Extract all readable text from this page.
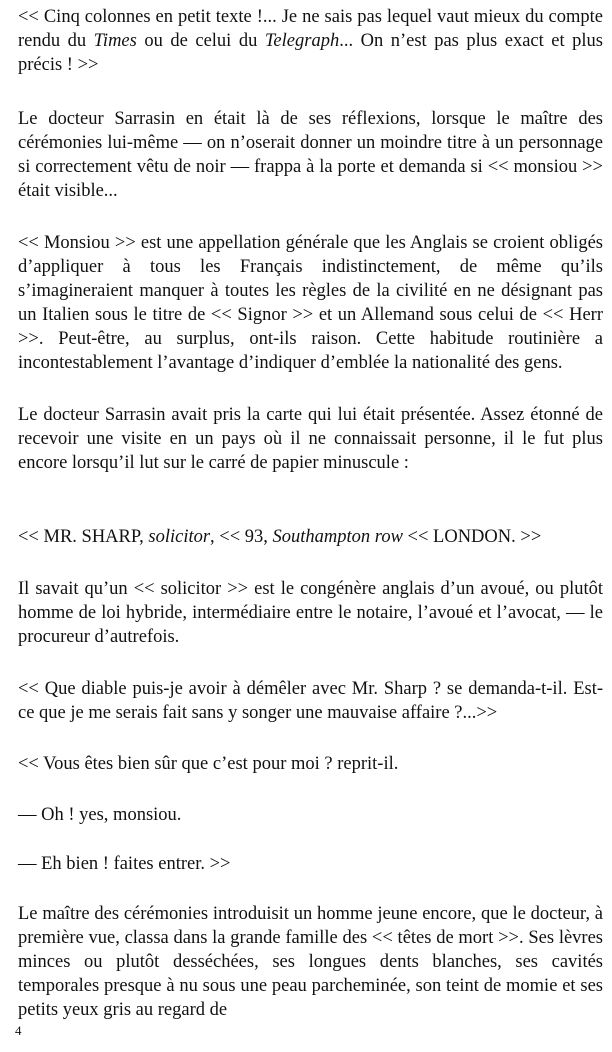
<< Cinq colonnes en petit texte !... Je ne sais pas lequel vaut mieux du compte rendu du Times ou de celui du Telegraph... On n’est pas plus exact et plus précis ! >>

Le docteur Sarrasin en était là de ses réflexions, lorsque le maître des cérémonies lui-même — on n’oserait donner un moindre titre à un personnage si correctement vêtu de noir — frappa à la porte et demanda si << monsiou >> était visible...

<< Monsiou >> est une appellation générale que les Anglais se croient obligés d’appliquer à tous les Français indistinctement, de même qu’ils s’imagineraient manquer à toutes les règles de la civilité en ne désignant pas un Italien sous le titre de << Signor >> et un Allemand sous celui de << Herr >>. Peut-être, au surplus, ont-ils raison. Cette habitude routinière a incontestablement l’avantage d’indiquer d’emblée la nationalité des gens.

Le docteur Sarrasin avait pris la carte qui lui était présentée. Assez étonné de recevoir une visite en un pays où il ne connaissait personne, il le fut plus encore lorsqu’il lut sur le carré de papier minuscule :

<< MR. SHARP, solicitor, << 93, Southampton row << LONDON. >>

Il savait qu’un << solicitor >> est le congénère anglais d’un avoué, ou plutôt homme de loi hybride, intermédiaire entre le notaire, l’avoué et l’avocat, — le procureur d’autrefois.

<< Que diable puis-je avoir à démêler avec Mr. Sharp ? se demanda-t-il. Est-ce que je me serais fait sans y songer une mauvaise affaire ?...>>

<< Vous êtes bien sûr que c’est pour moi ? reprit-il.

— Oh ! yes, monsiou.

— Eh bien ! faites entrer. >>

Le maître des cérémonies introduisit un homme jeune encore, que le docteur, à première vue, classa dans la grande famille des << têtes de mort >>. Ses lèvres minces ou plutôt desséchées, ses longues dents blanches, ses cavités temporales presque à nu sous une peau parcheminée, son teint de momie et ses petits yeux gris au regard de

4
